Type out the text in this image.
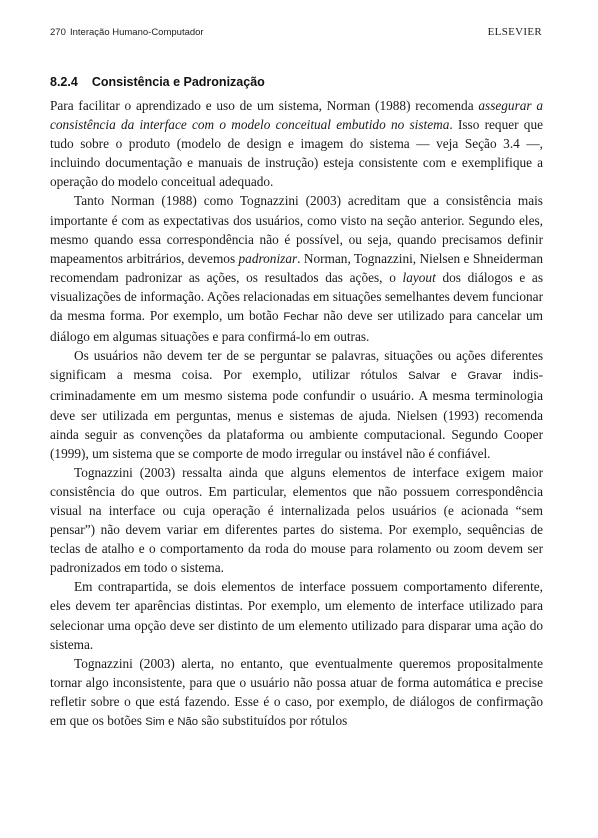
270 Interação Humano-Computador	ELSEVIER
8.2.4 Consistência e Padronização

Para facilitar o aprendizado e uso de um sistema, Norman (1988) recomenda assegurar a consistência da interface com o modelo conceitual embutido no sistema. Isso requer que tudo sobre o produto (modelo de design e imagem do sistema — veja Seção 3.4 —, incluindo documentação e manuais de instrução) esteja consistente com e exemplifique a operação do modelo conceitual adequado.

Tanto Norman (1988) como Tognazzini (2003) acreditam que a consistência mais importante é com as expectativas dos usuários, como visto na seção anterior. Segundo eles, mesmo quando essa correspondência não é possível, ou seja, quando precisamos definir mapeamentos arbitrários, devemos padronizar. Norman, Tognazzini, Nielsen e Shneiderman recomendam padronizar as ações, os resultados das ações, o layout dos diálogos e as visualizações de informação. Ações relacionadas em situações semelhantes devem funcionar da mesma forma. Por exemplo, um botão Fechar não deve ser utilizado para cancelar um diálogo em algumas situações e para confirmá-lo em outras.

Os usuários não devem ter de se perguntar se palavras, situações ou ações diferentes significam a mesma coisa. Por exemplo, utilizar rótulos Salvar e Gravar indiscriminadamente em um mesmo sistema pode confundir o usuário. A mesma terminologia deve ser utilizada em perguntas, menus e sistemas de ajuda. Nielsen (1993) recomenda ainda seguir as convenções da plataforma ou ambiente computacional. Segundo Cooper (1999), um sistema que se comporte de modo irregular ou instável não é confiável.

Tognazzini (2003) ressalta ainda que alguns elementos de interface exigem maior consistência do que outros. Em particular, elementos que não possuem correspondência visual na interface ou cuja operação é internalizada pelos usuários (e acionada “sem pensar”) não devem variar em diferentes partes do sistema. Por exemplo, sequências de teclas de atalho e o comportamento da roda do mouse para rolamento ou zoom devem ser padronizados em todo o sistema.

Em contrapartida, se dois elementos de interface possuem comportamento diferente, eles devem ter aparências distintas. Por exemplo, um elemento de interface utilizado para selecionar uma opção deve ser distinto de um elemento utilizado para disparar uma ação do sistema.

Tognazzini (2003) alerta, no entanto, que eventualmente queremos propositalmente tornar algo inconsistente, para que o usuário não possa atuar de forma automática e precise refletir sobre o que está fazendo. Esse é o caso, por exemplo, de diálogos de confirmação em que os botões Sim e Não são substituídos por rótulos
